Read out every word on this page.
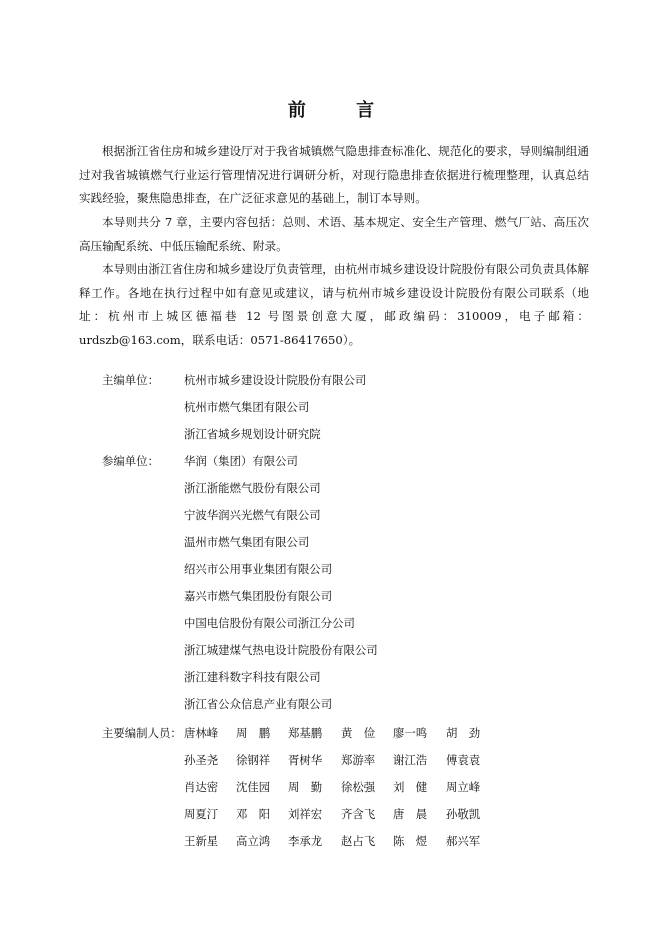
前 言

根据浙江省住房和城乡建设厅对于我省城镇燃气隐患排查标准化、规范化的要求，导则编制组通过对我省城镇燃气行业运行管理情况进行调研分析，对现行隐患排查依据进行梳理整理，认真总结实践经验，聚焦隐患排查，在广泛征求意见的基础上，制订本导则。

本导则共分 7 章，主要内容包括：总则、术语、基本规定、安全生产管理、燃气厂站、高压次高压输配系统、中低压输配系统、附录。

本导则由浙江省住房和城乡建设厅负责管理，由杭州市城乡建设设计院股份有限公司负责具体解释工作。各地在执行过程中如有意见或建议，请与杭州市城乡建设设计院股份有限公司联系（地址：杭州市上城区德福巷 12 号图景创意大厦，邮政编码：310009，电子邮箱：urdszb@163.com，联系电话：0571-86417650）。

主编单位： 杭州市城乡建设设计院股份有限公司
杭州市燃气集团有限公司
浙江省城乡规划设计研究院
参编单位： 华润（集团）有限公司
浙江浙能燃气股份有限公司
宁波华润兴光燃气有限公司
温州市燃气集团有限公司
绍兴市公用事业集团有限公司
嘉兴市燃气集团股份有限公司
中国电信股份有限公司浙江分公司
浙江城建煤气热电设计院股份有限公司
浙江建科数字科技有限公司
浙江省公众信息产业有限公司
主要编制人员： 唐林峰	周　鹏	郑基鹏	黄　俭	廖一鸣	胡　劲
孙圣尧	徐钢祥	胥树华	郑游率	谢江浩	傅袁袁
肖达密	沈佳园	周　勤	徐松强	刘　健	周立峰
周夏汀	邓　阳	刘祥宏	齐含飞	唐　晨	孙敬凯
王新星	高立鸿	李承龙	赵占飞	陈　煜	郝兴军
